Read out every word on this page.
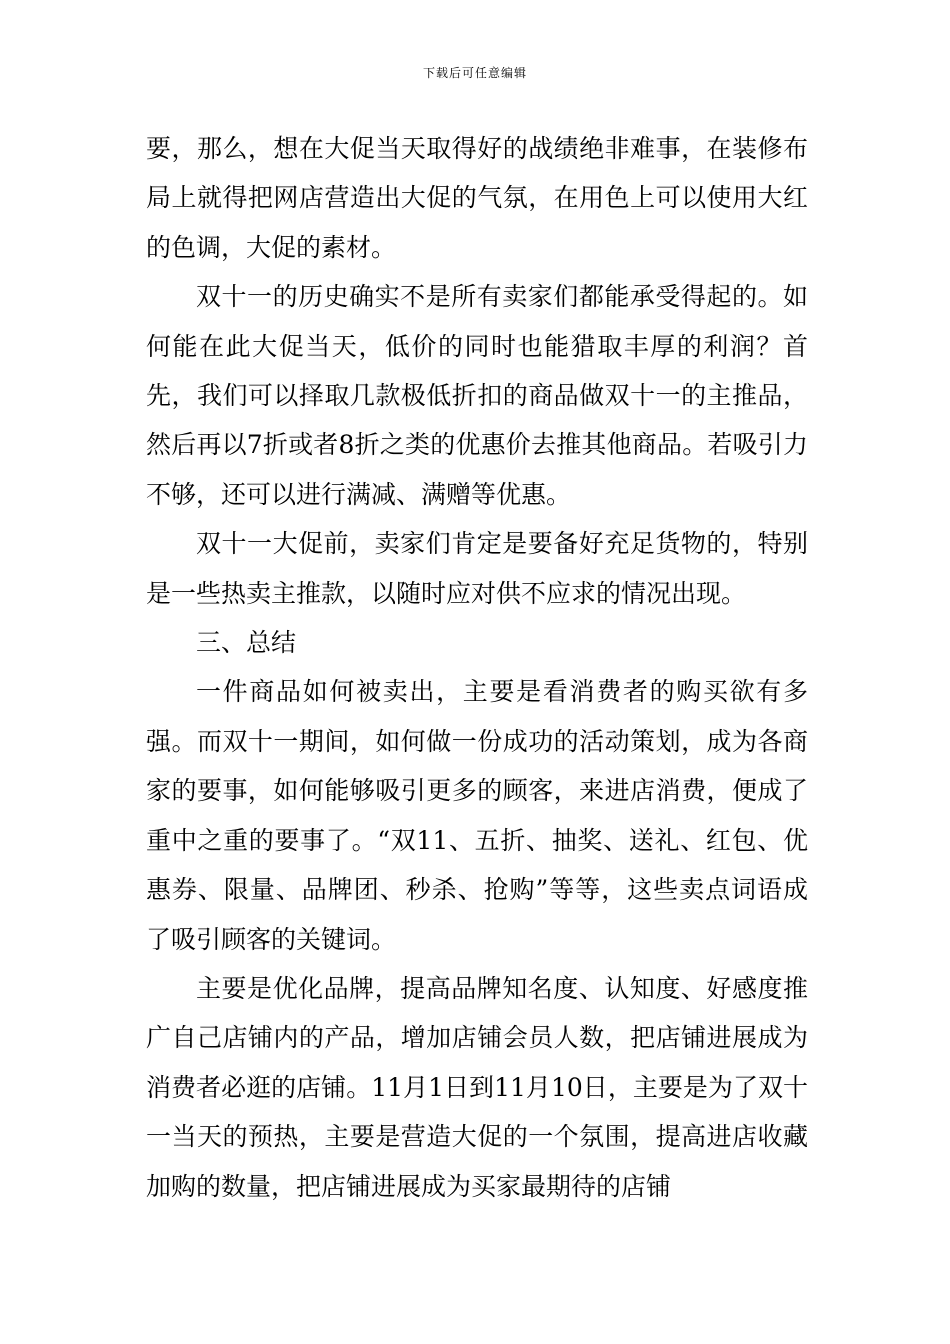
下载后可任意编辑

要，那么，想在大促当天取得好的战绩绝非难事，在装修布局上就得把网店营造出大促的气氛，在用色上可以使用大红的色调，大促的素材。

双十一的历史确实不是所有卖家们都能承受得起的。如何能在此大促当天，低价的同时也能猎取丰厚的利润？首先，我们可以择取几款极低折扣的商品做双十一的主推品，然后再以7折或者8折之类的优惠价去推其他商品。若吸引力不够，还可以进行满减、满赠等优惠。

双十一大促前，卖家们肯定是要备好充足货物的，特别是一些热卖主推款，以随时应对供不应求的情况出现。

三、总结

一件商品如何被卖出，主要是看消费者的购买欲有多强。而双十一期间，如何做一份成功的活动策划，成为各商家的要事，如何能够吸引更多的顾客，来进店消费，便成了重中之重的要事了。“双11、五折、抽奖、送礼、红包、优惠券、限量、品牌团、秒杀、抢购”等等，这些卖点词语成了吸引顾客的关键词。

主要是优化品牌，提高品牌知名度、认知度、好感度推广自己店铺内的产品，增加店铺会员人数，把店铺进展成为消费者必逛的店铺。11月1日到11月10日，主要是为了双十一当天的预热，主要是营造大促的一个氛围，提高进店收藏加购的数量，把店铺进展成为买家最期待的店铺
